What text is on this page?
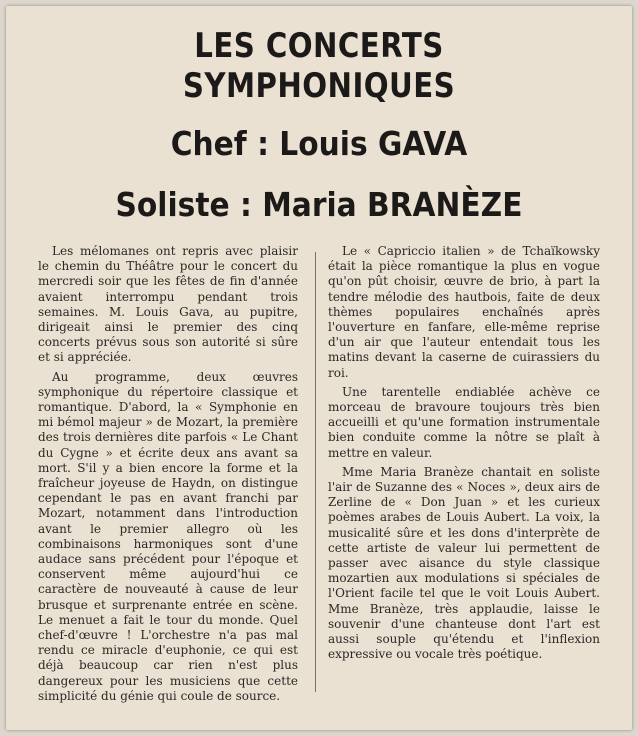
LES CONCERTS SYMPHONIQUES
Chef : Louis GAVA
Soliste : Maria BRANÈZE

Les mélomanes ont repris avec plaisir le chemin du Théâtre pour le concert du mercredi soir que les fêtes de fin d'année avaient interrompu pendant trois semaines. M. Louis Gava, au pupitre, dirigeait ainsi le premier des cinq concerts prévus sous son autorité si sûre et si appréciée.

Au programme, deux œuvres symphonique du répertoire classique et romantique. D'abord, la « Symphonie en mi bémol majeur » de Mozart, la première des trois dernières dite parfois « Le Chant du Cygne » et écrite deux ans avant sa mort. S'il y a bien encore la forme et la fraîcheur joyeuse de Haydn, on distingue cependant le pas en avant franchi par Mozart, notamment dans l'introduction avant le premier allegro où les combinaisons harmoniques sont d'une audace sans précédent pour l'époque et conservent même aujourd'hui ce caractère de nouveauté à cause de leur brusque et surprenante entrée en scène. Le menuet a fait le tour du monde. Quel chef-d'œuvre ! L'orchestre n'a pas mal rendu ce miracle d'euphonie, ce qui est déjà beaucoup car rien n'est plus dangereux pour les musiciens que cette simplicité du génie qui coule de source.

Le « Capriccio italien » de Tchaïkowsky était la pièce romantique la plus en vogue qu'on pût choisir, œuvre de brio, à part la tendre mélodie des hautbois, faite de deux thèmes populaires enchaînés après l'ouverture en fanfare, elle-même reprise d'un air que l'auteur entendait tous les matins devant la caserne de cuirassiers du roi.

Une tarentelle endiablée achève ce morceau de bravoure toujours très bien accueilli et qu'une formation instrumentale bien conduite comme la nôtre se plaît à mettre en valeur.

Mme Maria Branèze chantait en soliste l'air de Suzanne des « Noces », deux airs de Zerline de « Don Juan » et les curieux poèmes arabes de Louis Aubert. La voix, la musicalité sûre et les dons d'interprète de cette artiste de valeur lui permettent de passer avec aisance du style classique mozartien aux modulations si spéciales de l'Orient facile tel que le voit Louis Aubert. Mme Branèze, très applaudie, laisse le souvenir d'une chanteuse dont l'art est aussi souple qu'étendu et l'inflexion expressive ou vocale très poétique.
